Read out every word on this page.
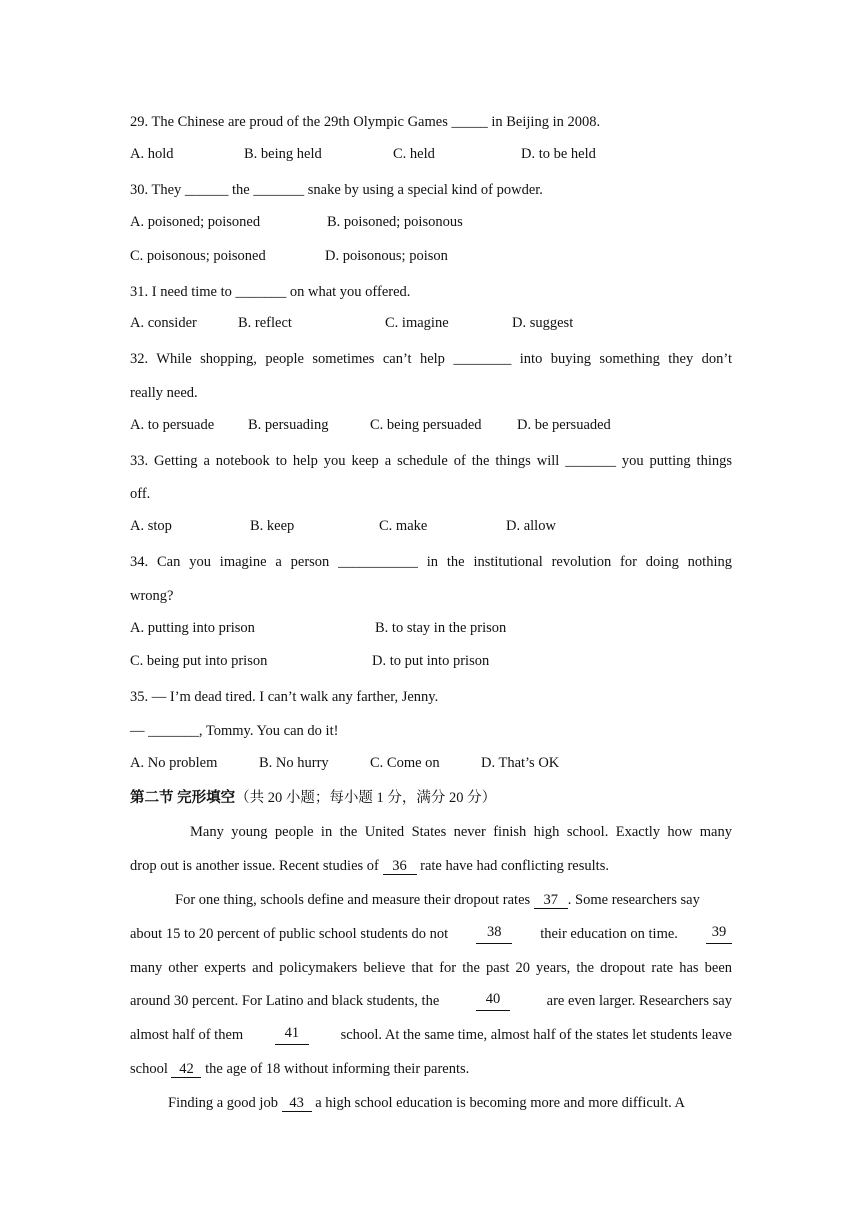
29. The Chinese are proud of the 29th Olympic Games _____ in Beijing in 2008.
A. hold	B. being held	C. held	D. to be held
30. They ______ the _______ snake by using a special kind of powder.
A. poisoned; poisoned	B. poisoned; poisonous
C. poisonous; poisoned	D. poisonous; poison
31. I need time to _______ on what you offered.
A. consider	B. reflect	C. imagine	D. suggest
32. While shopping, people sometimes can’t help ________ into buying something they don’t
really need.
A. to persuade B. persuading	C. being persuaded D. be persuaded
33. Getting a notebook to help you keep a schedule of the things will _______ you putting things
off.
A. stop	B. keep	C. make	D. allow
34. Can you imagine a person ___________ in the institutional revolution for doing nothing
wrong?
A. putting into prison	B. to stay in the prison
C. being put into prison	D. to put into prison
35. — I’m dead tired. I can’t walk any farther, Jenny.
— _______, Tommy. You can do it!
A. No problem	B. No hurry	C. Come on	D. That’s OK
第二节 完形填空（共 20 小题；每小题 1 分，满分 20 分）
Many young people in the United States never finish high school. Exactly how many
drop out is another issue. Recent studies of 36 rate have had conflicting results.
For one thing, schools define and measure their dropout rates 37 . Some researchers say
about 15 to 20 percent of public school students do not	38	their education on time.	39
many other experts and policymakers believe that for the past 20 years, the dropout rate has been
around 30 percent. For Latino and black students, the	40	are even larger. Researchers say
almost half of them	41	school. At the same time, almost half of the states let students leave
school 42 the age of 18 without informing their parents.
Finding a good job 43 a high school education is becoming more and more difficult. A
